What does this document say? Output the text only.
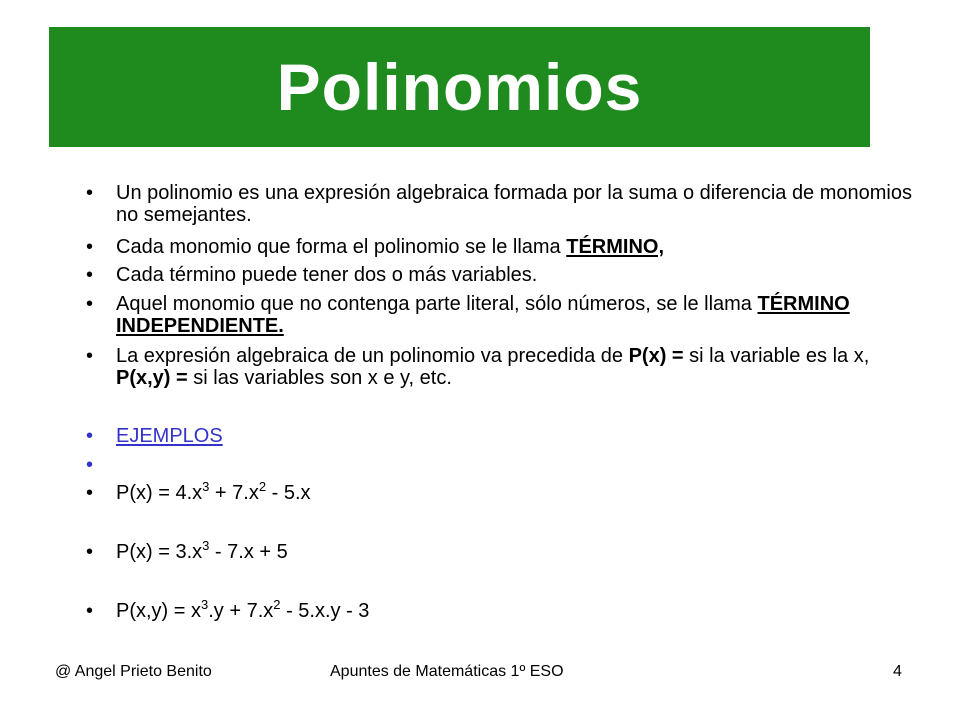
Polinomios
• Un polinomio es una expresión algebraica formada por la suma o diferencia de monomios no semejantes.
• Cada monomio que forma el polinomio se le llama TÉRMINO,
• Cada término puede tener dos o más variables.
• Aquel monomio que no contenga parte literal, sólo números, se le llama TÉRMINO INDEPENDIENTE.
• La expresión algebraica de un polinomio va precedida de P(x) = si la variable es la x, P(x,y) = si las variables son x e y, etc.
• EJEMPLOS
•
• $P(x) = 4.x^3 + 7.x^2 - 5.x$
• $P(x) = 3.x^3 - 7.x + 5$
• $P(x,y) = x^3.y + 7.x^2 - 5.x.y - 3$
@ Angel Prieto Benito	Apuntes de Matemáticas 1º ESO	4
